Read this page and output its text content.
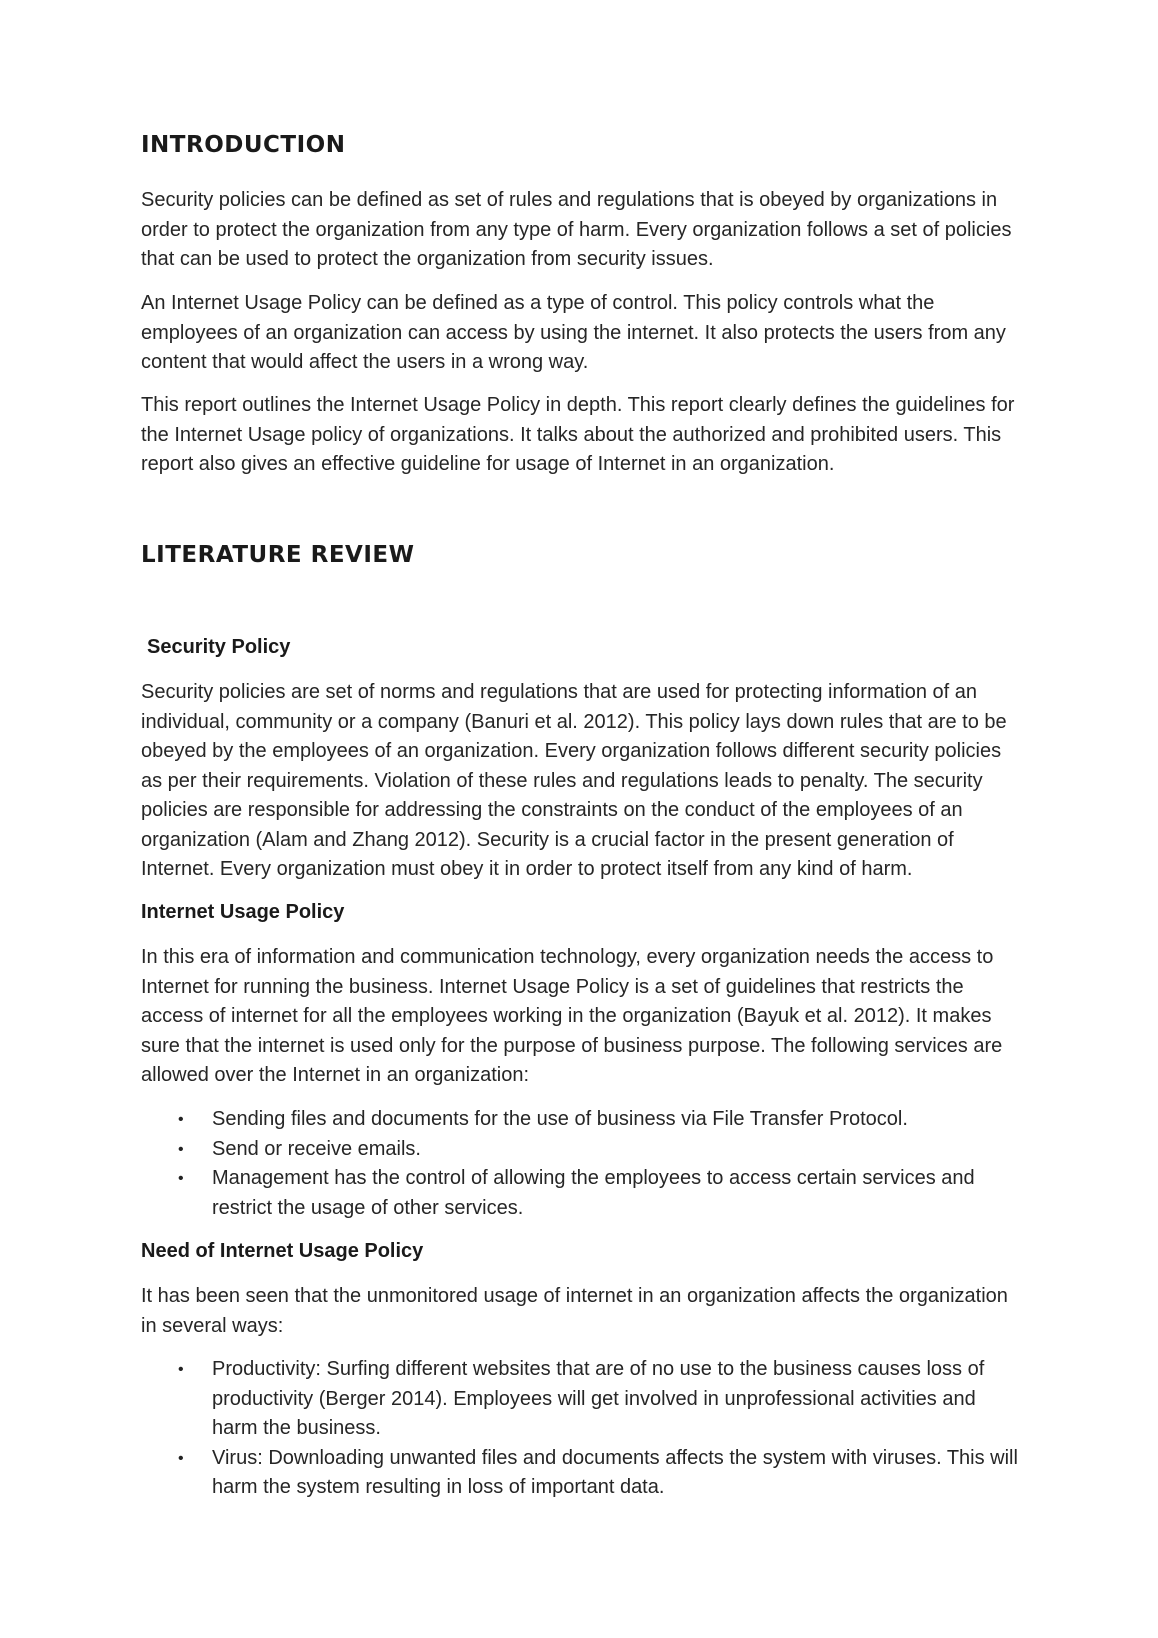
INTRODUCTION

Security policies can be defined as set of rules and regulations that is obeyed by organizations in order to protect the organization from any type of harm. Every organization follows a set of policies that can be used to protect the organization from security issues.

An Internet Usage Policy can be defined as a type of control. This policy controls what the employees of an organization can access by using the internet. It also protects the users from any content that would affect the users in a wrong way.

This report outlines the Internet Usage Policy in depth. This report clearly defines the guidelines for the Internet Usage policy of organizations. It talks about the authorized and prohibited users. This report also gives an effective guideline for usage of Internet in an organization.

LITERATURE REVIEW
Security Policy

Security policies are set of norms and regulations that are used for protecting information of an individual, community or a company (Banuri et al. 2012). This policy lays down rules that are to be obeyed by the employees of an organization. Every organization follows different security policies as per their requirements. Violation of these rules and regulations leads to penalty. The security policies are responsible for addressing the constraints on the conduct of the employees of an organization (Alam and Zhang 2012). Security is a crucial factor in the present generation of Internet. Every organization must obey it in order to protect itself from any kind of harm.

Internet Usage Policy

In this era of information and communication technology, every organization needs the access to Internet for running the business. Internet Usage Policy is a set of guidelines that restricts the access of internet for all the employees working in the organization (Bayuk et al. 2012). It makes sure that the internet is used only for the purpose of business purpose. The following services are allowed over the Internet in an organization:

• Sending files and documents for the use of business via File Transfer Protocol.
• Send or receive emails.
• Management has the control of allowing the employees to access certain services and restrict the usage of other services.
Need of Internet Usage Policy

It has been seen that the unmonitored usage of internet in an organization affects the organization in several ways:

• Productivity: Surfing different websites that are of no use to the business causes loss of productivity (Berger 2014). Employees will get involved in unprofessional activities and harm the business.
• Virus: Downloading unwanted files and documents affects the system with viruses. This will harm the system resulting in loss of important data.
